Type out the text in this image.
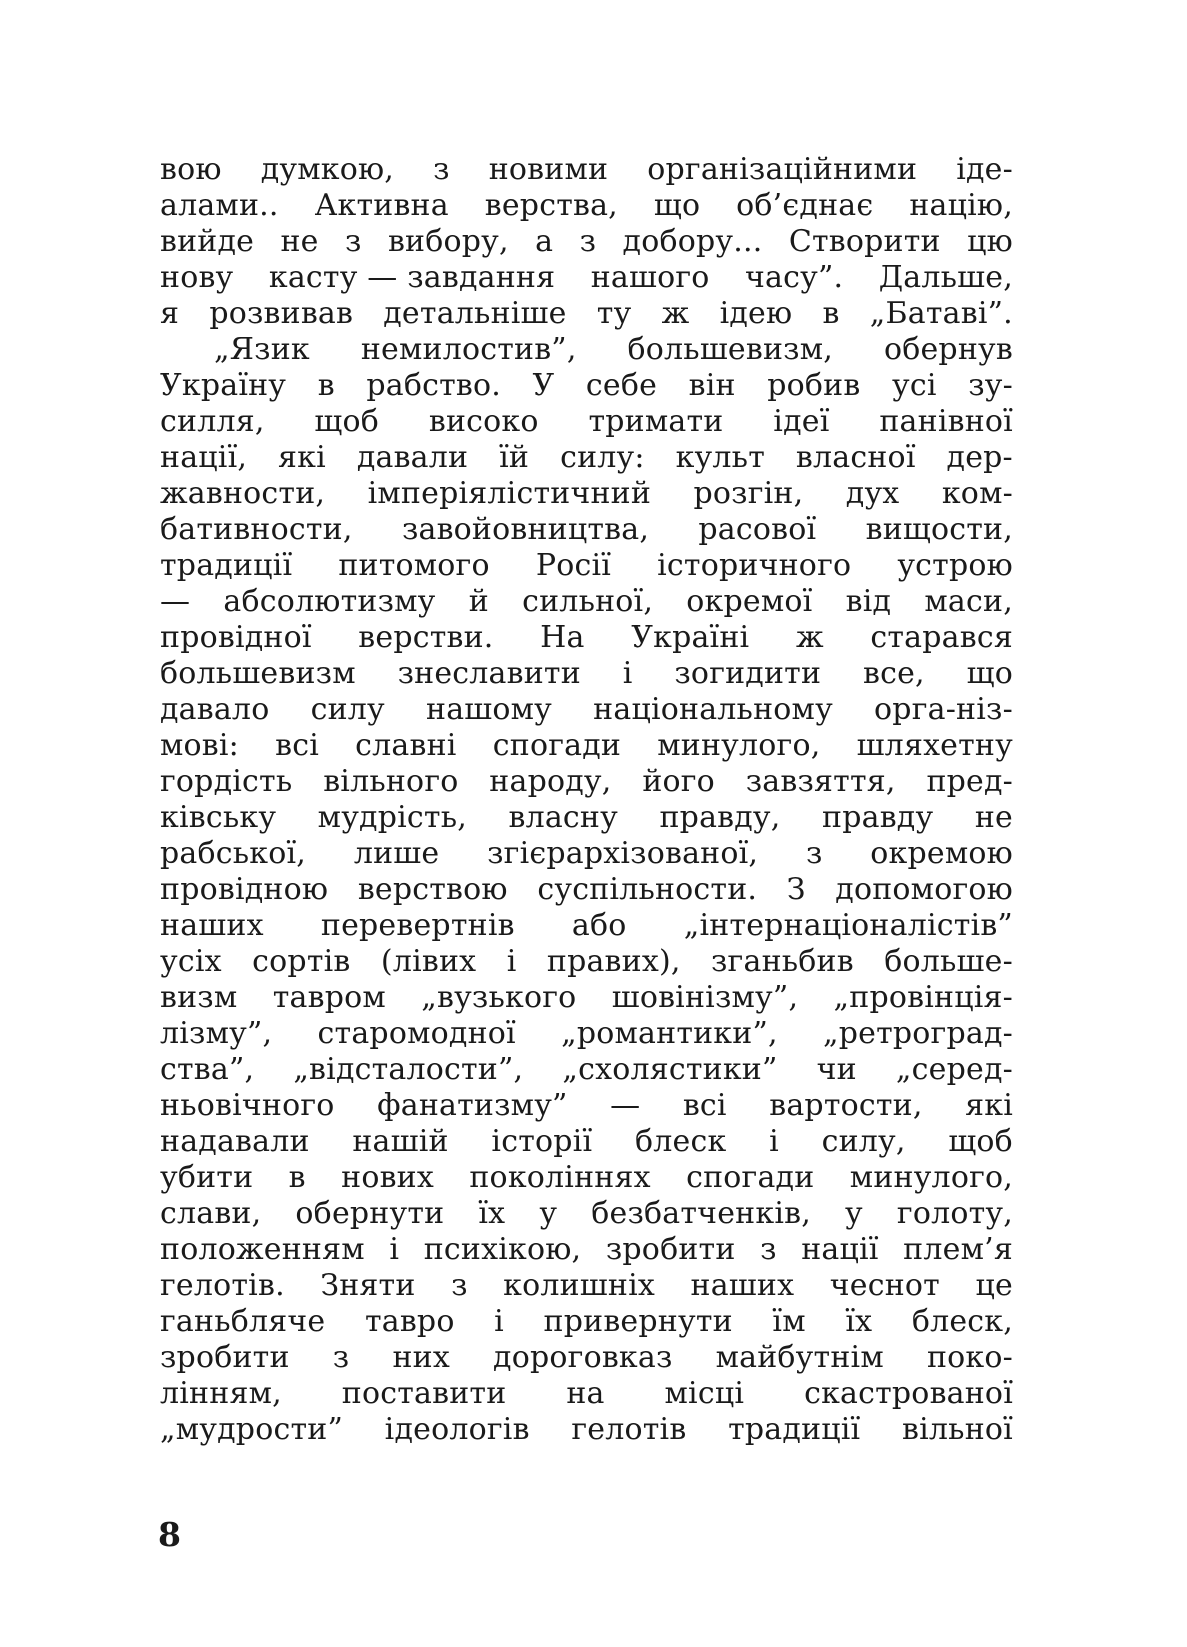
вою думкою, з новими організаційними іде-
алами.. Активна верства, що об’єднає націю,
вийде не з вибору, а з добору... Створити цю
нову касту — завдання нашого часу”. Дальше,
я розвивав детальніше ту ж ідею в „Батаві”.
„Язик немилостив”, большевизм, обернув
Україну в рабство. У себе він робив усі зу-
силля, щоб високо тримати ідеї панівної
нації, які давали їй силу: культ власної дер-
жавности, імперіялістичний розгін, дух ком-
бативности, завойовництва, расової вищости,
традиції питомого Росії історичного устрою
— абсолютизму й сильної, окремої від маси,
провідної верстви. На Україні ж старався
большевизм знеславити і зогидити все, що
давало силу нашому національному орга-ніз-
мові: всі славні спогади минулого, шляхетну
гордість вільного народу, його завзяття, пред-
ківську мудрість, власну правду, правду не
рабської, лише згієрархізованої, з окремою
провідною верствою суспільности. З допомогою
наших перевертнів або „інтернаціоналістів”
усіх сортів (лівих і правих), зганьбив больше-
визм тавром „вузького шовінізму”, „провінція-
лізму”, старомодної „романтики”, „ретроград-
ства”, „відсталости”, „схолястики” чи „серед-
ньовічного фанатизму” — всі вартости, які
надавали нашій історії блеск і силу, щоб
убити в нових поколіннях спогади минулого,
слави, обернути їх у безбатченків, у голоту,
положенням і психікою, зробити з нації плем’я
гелотів. Зняти з колишніх наших чеснот це
ганьбляче тавро і привернути їм їх блеск,
зробити з них дороговказ майбутнім поко-
лінням, поставити на місці скастрованої
„мудрости” ідеологів гелотів традиції вільної
8
